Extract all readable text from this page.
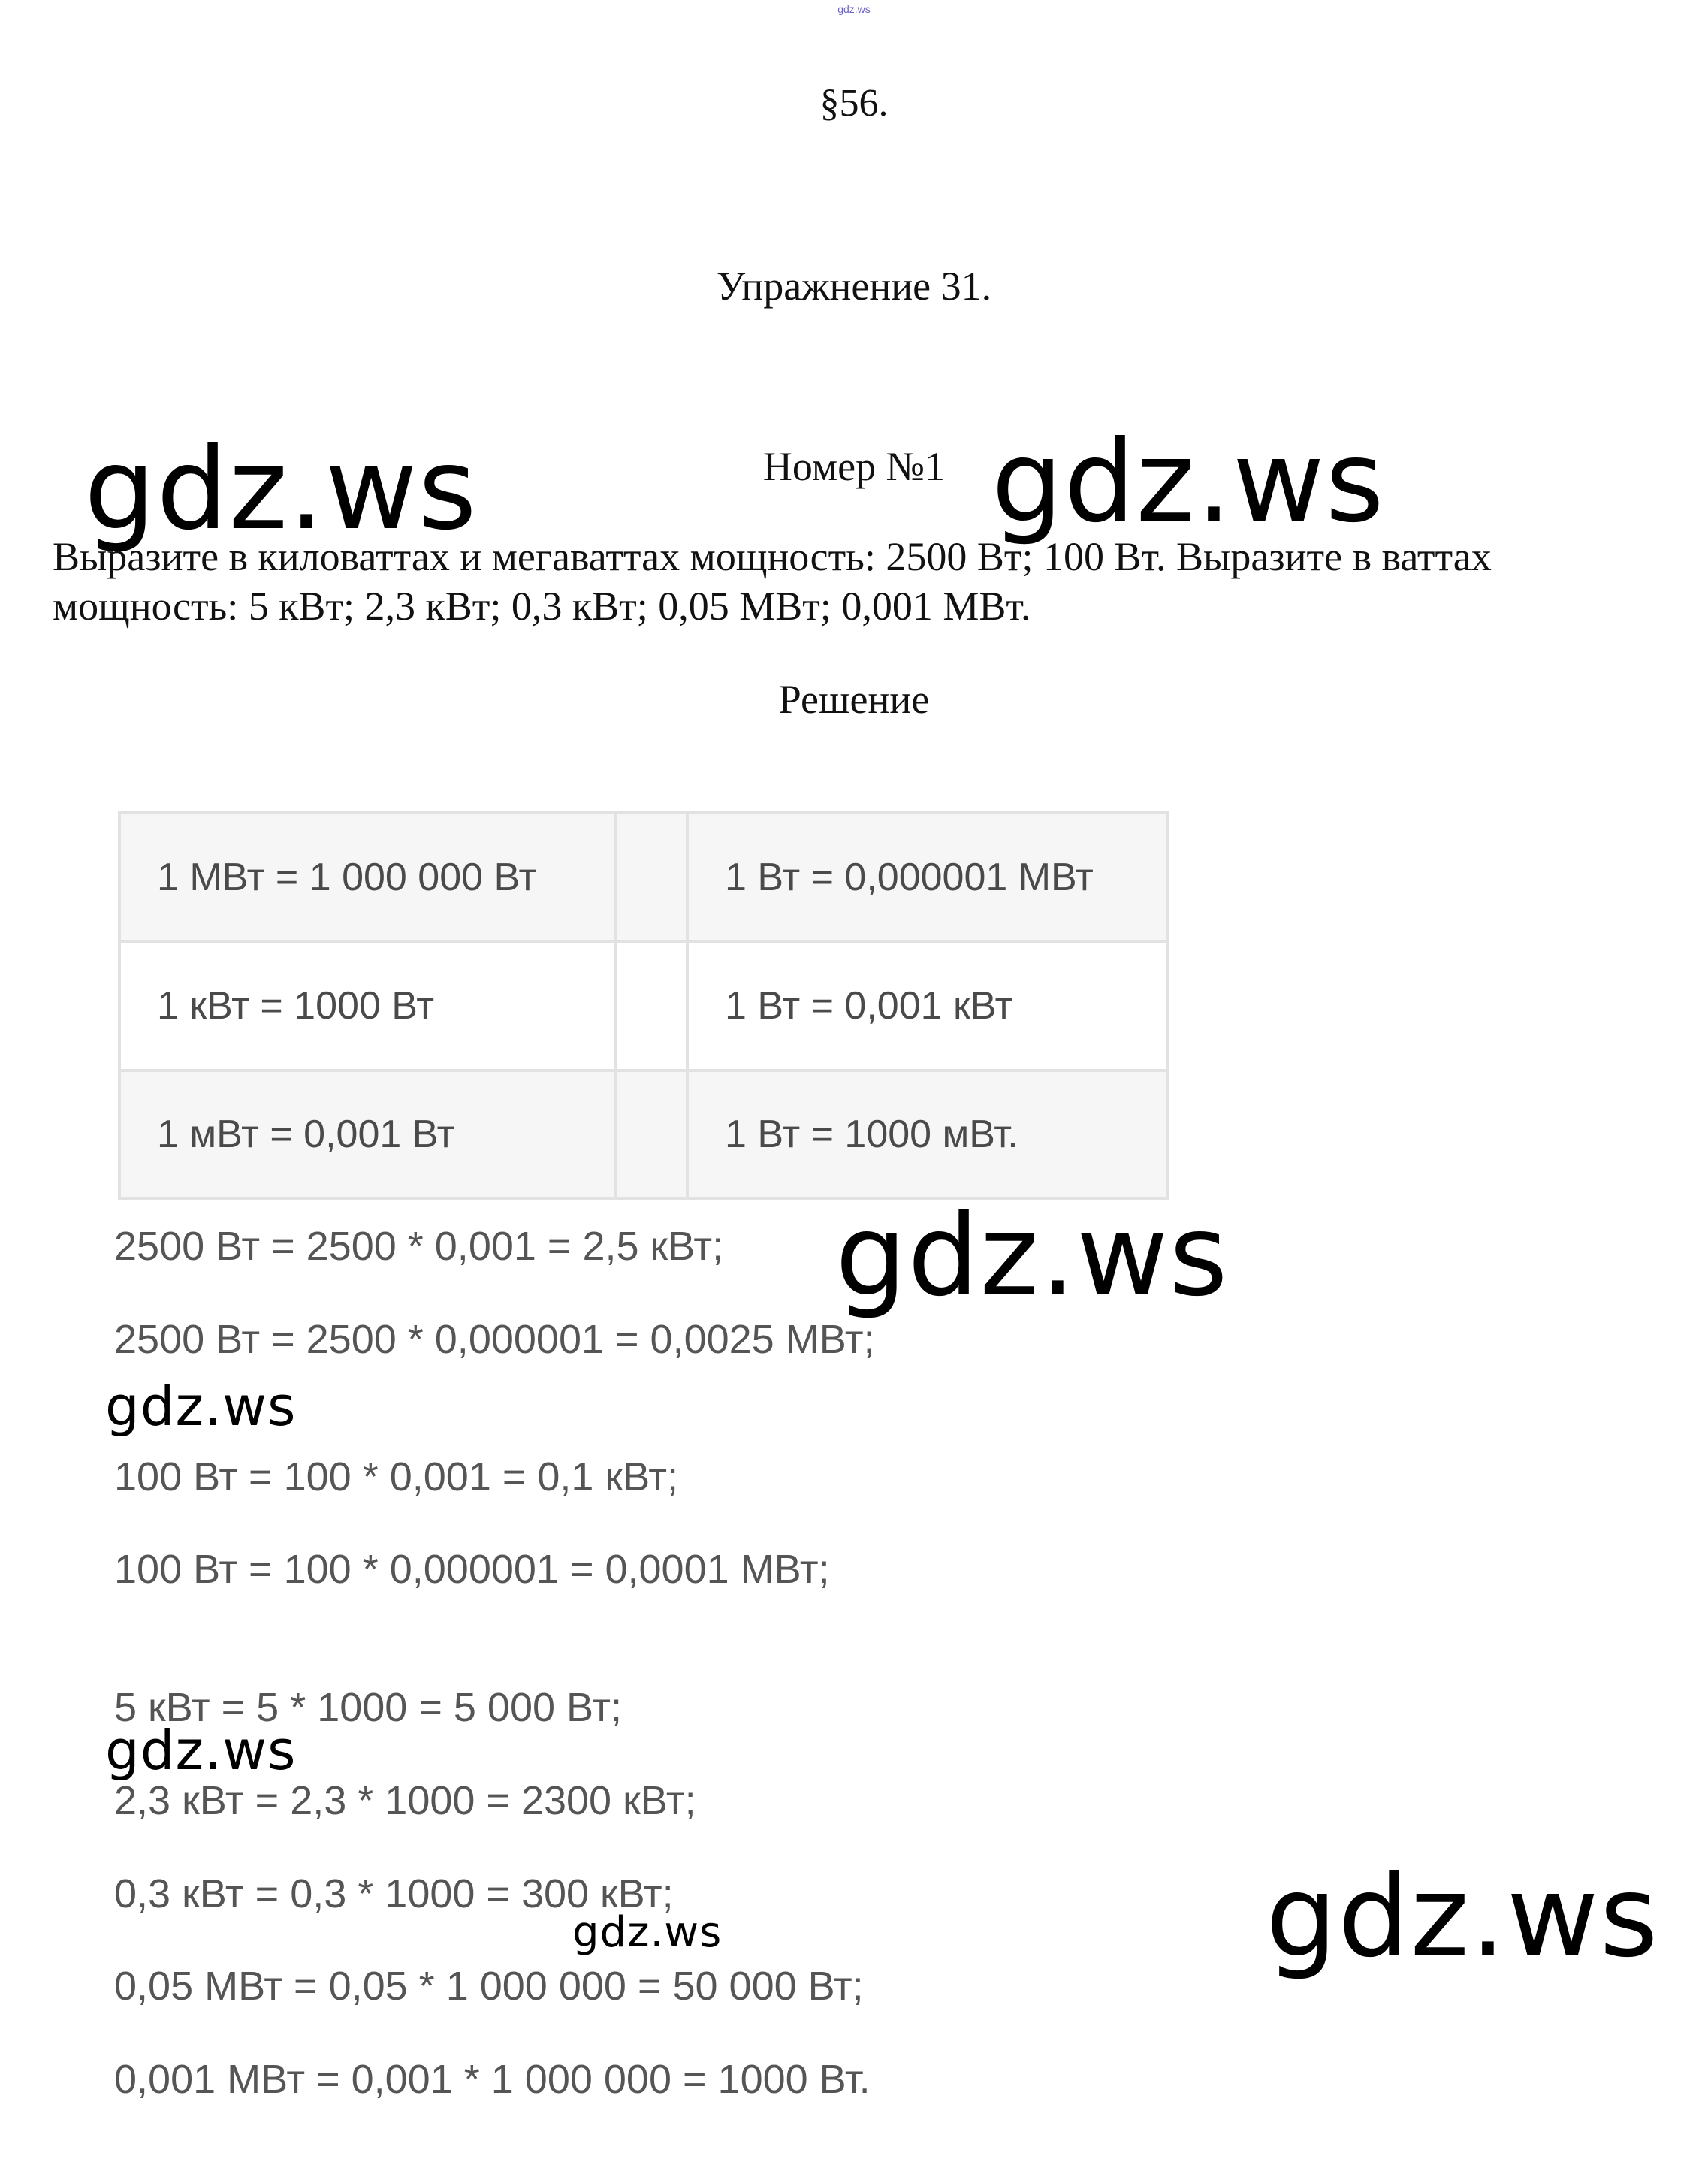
gdz.ws
§56.
Упражнение 31.
Номер №1

Выразите в киловаттах и мегаваттах мощность: 2500 Вт; 100 Вт. Выразите в ваттах
мощность: 5 кВт; 2,3 кВт; 0,3 кВт; 0,05 МВт; 0,001 МВт.

Решение
1 МВт = 1 000 000 Вт		1 Вт = 0,000001 МВт
1 кВт = 1000 Вт		1 Вт = 0,001 кВт
1 мВт = 0,001 Вт		1 Вт = 1000 мВт.
2500 Вт = 2500 * 0,001 = 2,5 кВт;
2500 Вт = 2500 * 0,000001 = 0,0025 МВт;
100 Вт = 100 * 0,001 = 0,1 кВт;
100 Вт = 100 * 0,000001 = 0,0001 МВт;
5 кВт = 5 * 1000 = 5 000 Вт;
2,3 кВт = 2,3 * 1000 = 2300 кВт;
0,3 кВт = 0,3 * 1000 = 300 кВт;
0,05 МВт = 0,05 * 1 000 000 = 50 000 Вт;
0,001 МВт = 0,001 * 1 000 000 = 1000 Вт.
gdz.ws	gdz.ws
gdz.ws
gdz.ws
gdz.ws
gdz.ws	gdz.ws
